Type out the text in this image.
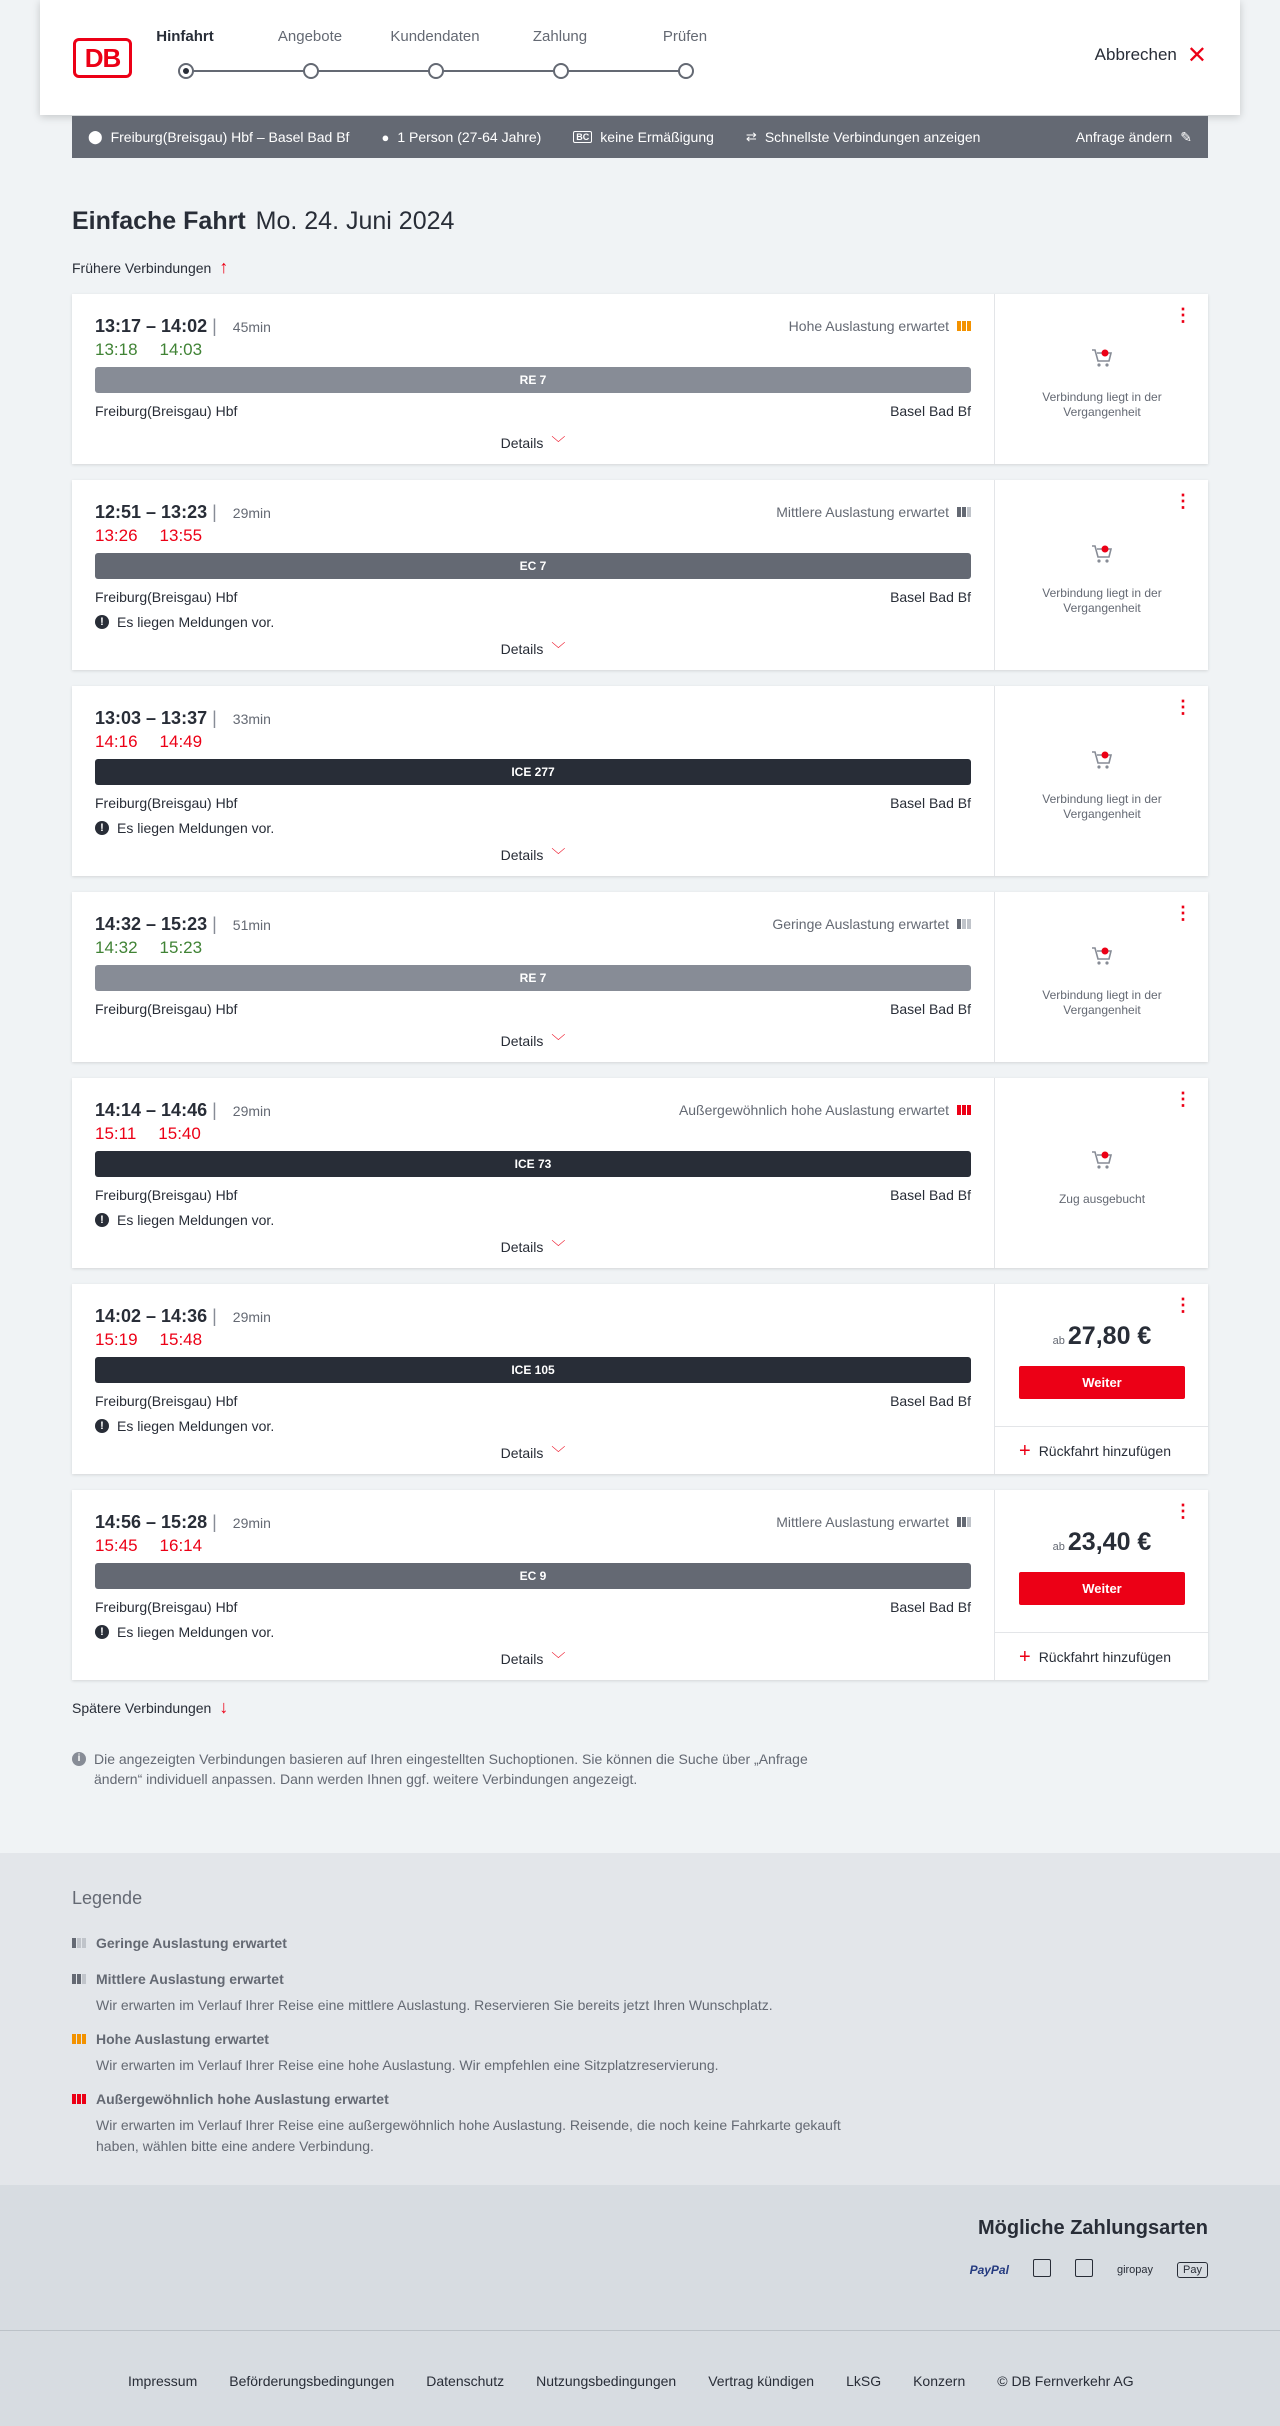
DB
Hinfahrt	Angebote	Kundendaten	Zahlung	Prüfen
Abbrechen ✕
⬤ Freiburg(Breisgau) Hbf – Basel Bad Bf ● 1 Person (27-64 Jahre)	BC keine Ermäßigung ⇄ Schnellste Verbindungen anzeigen	Anfrage ändern ✎
Einfache Fahrt Mo. 24. Juni 2024
Frühere Verbindungen ↑
13:17 – 14:02 | 45min
13:18 14:03
Hohe Auslastung erwartet
RE 7
Freiburg(Breisgau) Hbf	Basel Bad Bf
Details ﹀
⋮
Verbindung liegt in der Vergangenheit
12:51 – 13:23 | 29min
13:26 13:55
Mittlere Auslastung erwartet
EC 7
Freiburg(Breisgau) Hbf	Basel Bad Bf
! Es liegen Meldungen vor.
Details ﹀
⋮
Verbindung liegt in der Vergangenheit
13:03 – 13:37 | 33min
14:16 14:49
ICE 277
Freiburg(Breisgau) Hbf	Basel Bad Bf
! Es liegen Meldungen vor.
Details ﹀
⋮
Verbindung liegt in der Vergangenheit
14:32 – 15:23 | 51min
14:32 15:23
Geringe Auslastung erwartet
RE 7
Freiburg(Breisgau) Hbf	Basel Bad Bf
Details ﹀
⋮
Verbindung liegt in der Vergangenheit
14:14 – 14:46 | 29min
15:11 15:40
Außergewöhnlich hohe Auslastung erwartet
ICE 73
Freiburg(Breisgau) Hbf	Basel Bad Bf
! Es liegen Meldungen vor.
Details ﹀
⋮
Zug ausgebucht
14:02 – 14:36 | 29min
15:19 15:48
ICE 105
Freiburg(Breisgau) Hbf	Basel Bad Bf
! Es liegen Meldungen vor.
Details ﹀
⋮
ab 27,80 €
Weiter
+ Rückfahrt hinzufügen
14:56 – 15:28 | 29min
15:45 16:14
Mittlere Auslastung erwartet
EC 9
Freiburg(Breisgau) Hbf	Basel Bad Bf
! Es liegen Meldungen vor.
Details ﹀
⋮
ab 23,40 €
Weiter
+ Rückfahrt hinzufügen
Spätere Verbindungen ↓
i Die angezeigten Verbindungen basieren auf Ihren eingestellten Suchoptionen. Sie können die Suche über „Anfrage ändern“ individuell anpassen. Dann werden Ihnen ggf. weitere Verbindungen angezeigt.
Legende
Geringe Auslastung erwartet
Mittlere Auslastung erwartet
Wir erwarten im Verlauf Ihrer Reise eine mittlere Auslastung. Reservieren Sie bereits jetzt Ihren Wunschplatz.
Hohe Auslastung erwartet
Wir erwarten im Verlauf Ihrer Reise eine hohe Auslastung. Wir empfehlen eine Sitzplatzreservierung.
Außergewöhnlich hohe Auslastung erwartet
Wir erwarten im Verlauf Ihrer Reise eine außergewöhnlich hohe Auslastung. Reisende, die noch keine Fahrkarte gekauft haben, wählen bitte eine andere Verbindung.
Mögliche Zahlungsarten
PayPal	giropay	Pay
Impressum Beförderungsbedingungen Datenschutz Nutzungsbedingungen Vertrag kündigen LkSG Konzern © DB Fernverkehr AG
